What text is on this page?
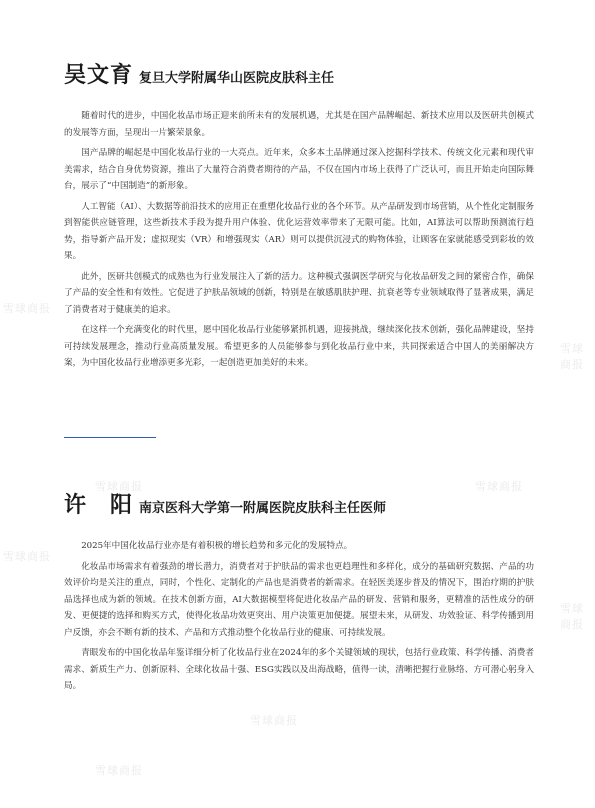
雪球商报
雪球商报
雪球商报
雪球商报
雪球商报
雪球商报
雪球商报
雪球商报
吴文育 复旦大学附属华山医院皮肤科主任

随着时代的进步，中国化妆品市场正迎来前所未有的发展机遇，尤其是在国产品牌崛起、新技术应用以及医研共创模式的发展等方面，呈现出一片繁荣景象。

国产品牌的崛起是中国化妆品行业的一大亮点。近年来，众多本土品牌通过深入挖掘科学技术、传统文化元素和现代审美需求，结合自身优势资源，推出了大量符合消费者期待的产品，不仅在国内市场上获得了广泛认可，而且开始走向国际舞台，展示了“中国制造”的新形象。

人工智能（AI）、大数据等前沿技术的应用正在重塑化妆品行业的各个环节。从产品研发到市场营销，从个性化定制服务到智能供应链管理，这些新技术手段为提升用户体验、优化运营效率带来了无限可能。比如，AI算法可以帮助预测流行趋势，指导新产品开发；虚拟现实（VR）和增强现实（AR）则可以提供沉浸式的购物体验，让顾客在家就能感受到彩妆的效果。

此外，医研共创模式的成熟也为行业发展注入了新的活力。这种模式强调医学研究与化妆品研发之间的紧密合作，确保了产品的安全性和有效性。它促进了护肤品领域的创新，特别是在敏感肌肤护理、抗衰老等专业领域取得了显著成果，满足了消费者对于健康美的追求。

在这样一个充满变化的时代里，愿中国化妆品行业能够紧抓机遇，迎接挑战，继续深化技术创新，强化品牌建设，坚持可持续发展理念，推动行业高质量发展。希望更多的人员能够参与到化妆品行业中来，共同探索适合中国人的美丽解决方案，为中国化妆品行业增添更多光彩，一起创造更加美好的未来。

许　阳 南京医科大学第一附属医院皮肤科主任医师

2025年中国化妆品行业亦是有着积极的增长趋势和多元化的发展特点。

化妆品市场需求有着强劲的增长潜力，消费者对于护肤品的需求也更趋理性和多样化，成分的基础研究数据、产品的功效评价均是关注的重点，同时，个性化、定制化的产品也是消费者的新需求。在轻医美逐步普及的情况下，围治疗期的护肤品选择也成为新的领域。在技术创新方面，AI大数据模型将促进化妆品产品的研发、营销和服务，更精准的活性成分的研发、更便捷的选择和购买方式，使得化妆品功效更突出、用户决策更加便捷。展望未来，从研发、功效验证、科学传播到用户反馈，亦会不断有新的技术、产品和方式推动整个化妆品行业的健康、可持续发展。

青眼发布的中国化妆品年鉴详细分析了化妆品行业在2024年的多个关键领域的现状，包括行业政策、科学传播、消费者需求、新质生产力、创新原料、全球化妆品十强、ESG实践以及出海战略，值得一读，清晰把握行业脉络、方可潜心躬身入局。
